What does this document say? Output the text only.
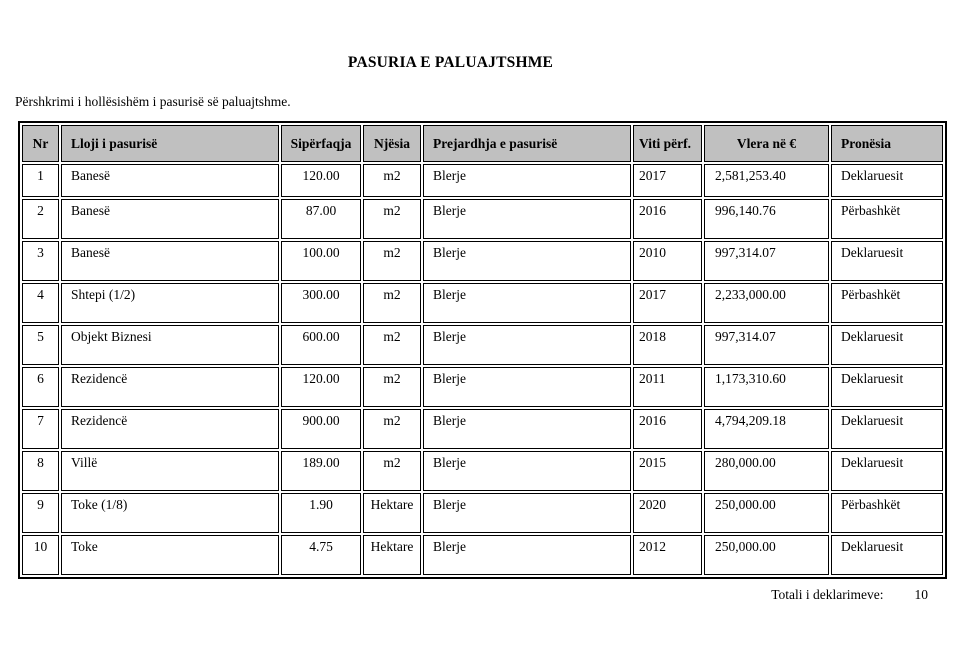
PASURIA E PALUAJTSHME
Përshkrimi i hollësishëm i pasurisë së paluajtshme.
Nr	Lloji i pasurisë	Sipërfaqja	Njësia	Prejardhja e pasurisë	Viti përf.	Vlera në €	Pronësia
1	Banesë	120.00	m2	Blerje	2017	2,581,253.40	Deklaruesit
2	Banesë	87.00	m2	Blerje	2016	996,140.76	Përbashkët
3	Banesë	100.00	m2	Blerje	2010	997,314.07	Deklaruesit
4	Shtepi (1/2)	300.00	m2	Blerje	2017	2,233,000.00	Përbashkët
5	Objekt Biznesi	600.00	m2	Blerje	2018	997,314.07	Deklaruesit
6	Rezidencë	120.00	m2	Blerje	2011	1,173,310.60	Deklaruesit
7	Rezidencë	900.00	m2	Blerje	2016	4,794,209.18	Deklaruesit
8	Villë	189.00	m2	Blerje	2015	280,000.00	Deklaruesit
9	Toke (1/8)	1.90	Hektare	Blerje	2020	250,000.00	Përbashkët
10	Toke	4.75	Hektare	Blerje	2012	250,000.00	Deklaruesit
Totali i deklarimeve: 10
